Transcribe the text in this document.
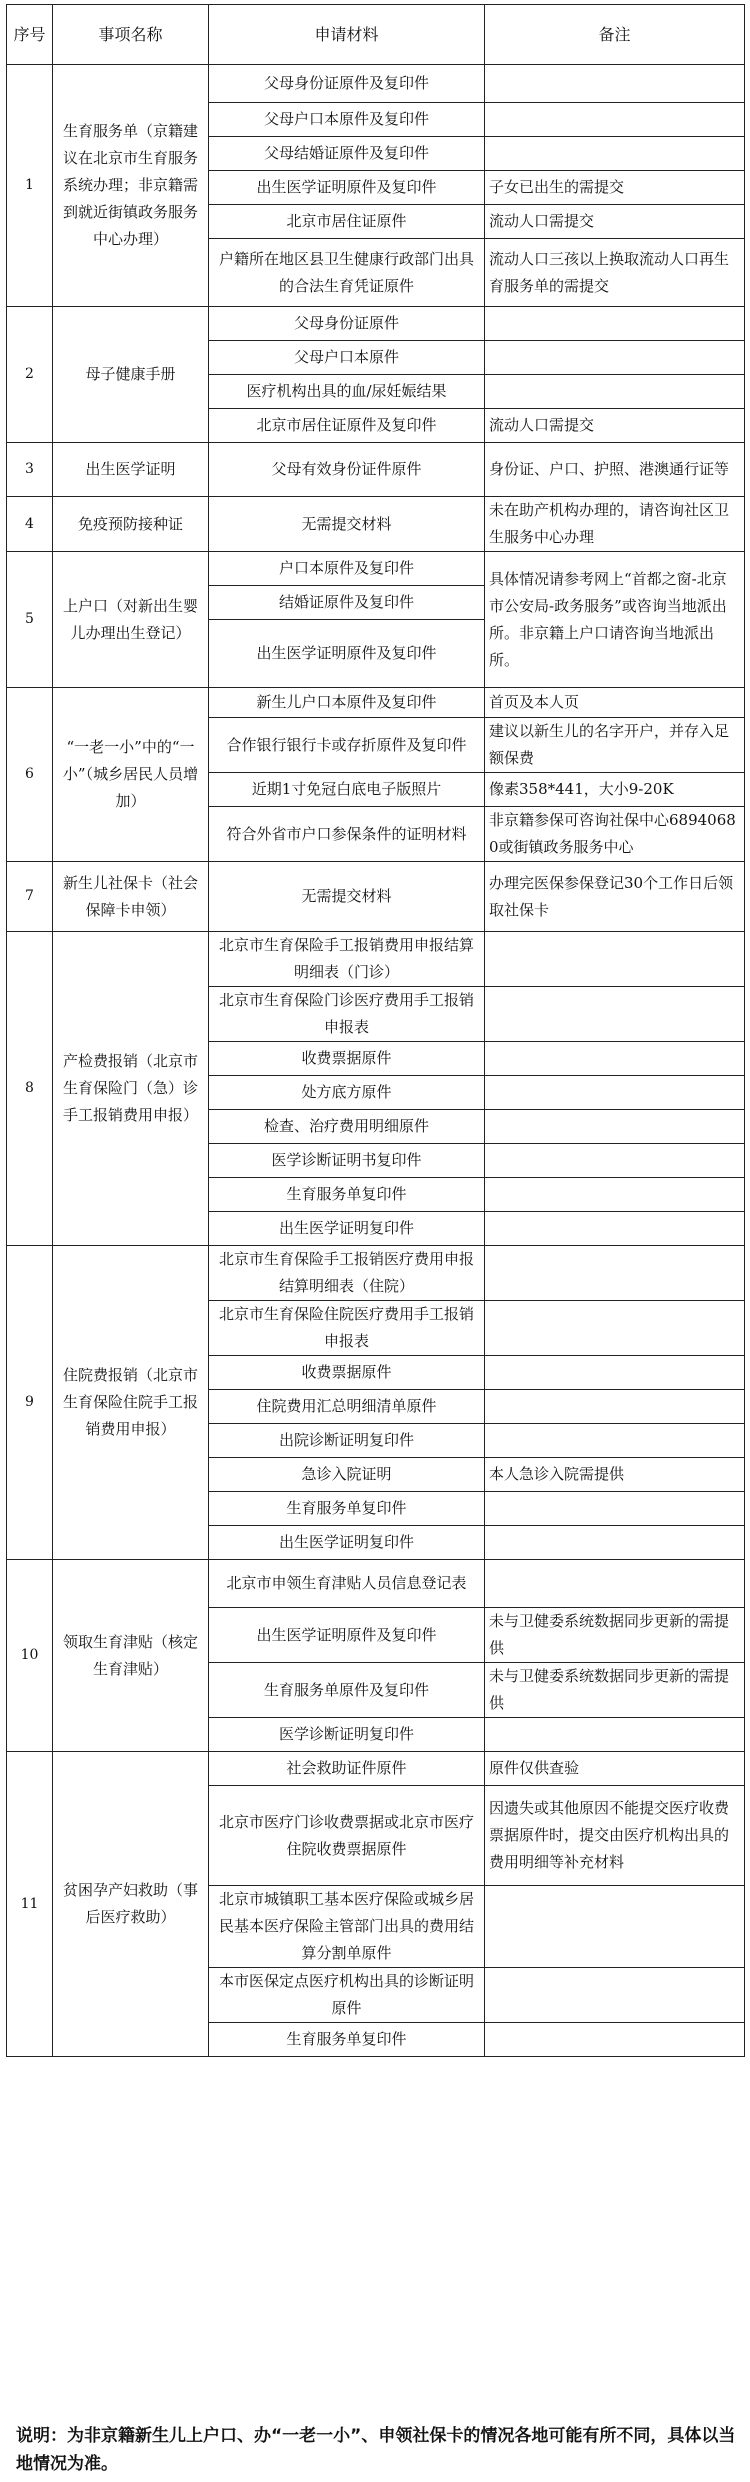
序号	事项名称	申请材料	备注
1	生育服务单（京籍建议在北京市生育服务系统办理；非京籍需到就近街镇政务服务中心办理）	父母身份证原件及复印件	
		父母户口本原件及复印件	
		父母结婚证原件及复印件	
		出生医学证明原件及复印件	子女已出生的需提交
		北京市居住证原件	流动人口需提交
		户籍所在地区县卫生健康行政部门出具的合法生育凭证原件	流动人口三孩以上换取流动人口再生育服务单的需提交
2	母子健康手册	父母身份证原件	
		父母户口本原件	
		医疗机构出具的血/尿妊娠结果	
		北京市居住证原件及复印件	流动人口需提交
3	出生医学证明	父母有效身份证件原件	身份证、户口、护照、港澳通行证等
4	免疫预防接种证	无需提交材料	未在助产机构办理的，请咨询社区卫生服务中心办理
5	上户口（对新出生婴儿办理出生登记）	户口本原件及复印件	具体情况请参考网上“首都之窗-北京市公安局-政务服务”或咨询当地派出所。非京籍上户口请咨询当地派出所。
		结婚证原件及复印件	
		出生医学证明原件及复印件	
6	“一老一小”中的“一小”（城乡居民人员增加）	新生儿户口本原件及复印件	首页及本人页
		合作银行银行卡或存折原件及复印件	建议以新生儿的名字开户，并存入足额保费
		近期1寸免冠白底电子版照片	像素358*441，大小9-20K
		符合外省市户口参保条件的证明材料	非京籍参保可咨询社保中心68940680或街镇政务服务中心
7	新生儿社保卡（社会保障卡申领）	无需提交材料	办理完医保参保登记30个工作日后领取社保卡
8	产检费报销（北京市生育保险门（急）诊手工报销费用申报）	北京市生育保险手工报销费用申报结算明细表（门诊）	
		北京市生育保险门诊医疗费用手工报销申报表	
		收费票据原件	
		处方底方原件	
		检查、治疗费用明细原件	
		医学诊断证明书复印件	
		生育服务单复印件	
		出生医学证明复印件	
9	住院费报销（北京市生育保险住院手工报销费用申报）	北京市生育保险手工报销医疗费用申报结算明细表（住院）	
		北京市生育保险住院医疗费用手工报销申报表	
		收费票据原件	
		住院费用汇总明细清单原件	
		出院诊断证明复印件	
		急诊入院证明	本人急诊入院需提供
		生育服务单复印件	
		出生医学证明复印件	
10	领取生育津贴（核定生育津贴）	北京市申领生育津贴人员信息登记表	
		出生医学证明原件及复印件	未与卫健委系统数据同步更新的需提供
		生育服务单原件及复印件	未与卫健委系统数据同步更新的需提供
		医学诊断证明复印件	
11	贫困孕产妇救助（事后医疗救助）	社会救助证件原件	原件仅供查验
		北京市医疗门诊收费票据或北京市医疗住院收费票据原件	因遗失或其他原因不能提交医疗收费票据原件时，提交由医疗机构出具的费用明细等补充材料
		北京市城镇职工基本医疗保险或城乡居民基本医疗保险主管部门出具的费用结算分割单原件	
		本市医保定点医疗机构出具的诊断证明原件	
		生育服务单复印件	
说明：为非京籍新生儿上户口、办“一老一小”、申领社保卡的情况各地可能有所不同，具体以当地情况为准。
